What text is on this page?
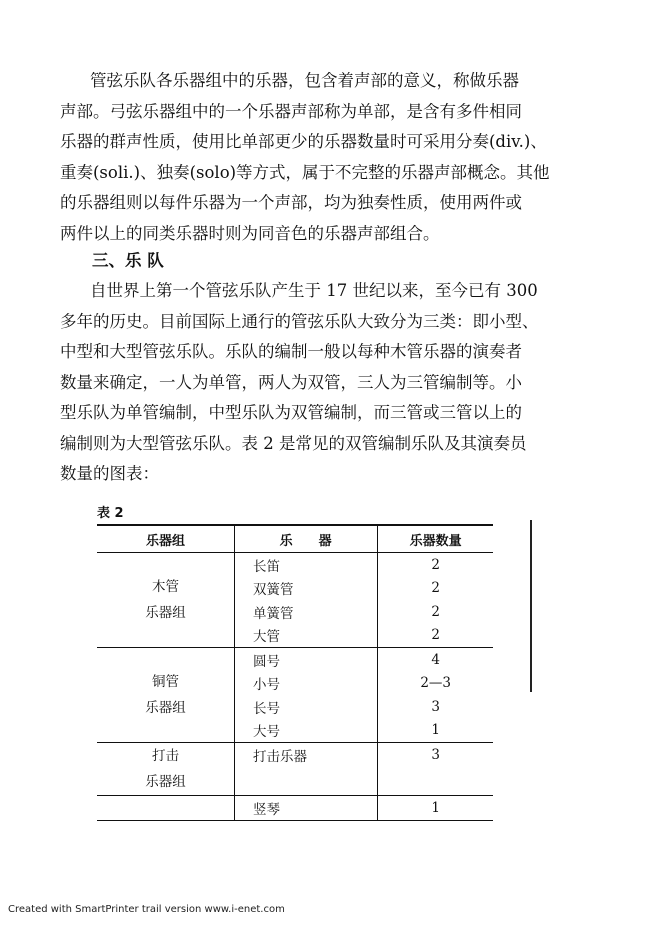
管弦乐队各乐器组中的乐器，包含着声部的意义，称做乐器
声部。弓弦乐器组中的一个乐器声部称为单部，是含有多件相同
乐器的群声性质，使用比单部更少的乐器数量时可采用分奏(div.)、
重奏(soli.)、独奏(solo)等方式，属于不完整的乐器声部概念。其他
的乐器组则以每件乐器为一个声部，均为独奏性质，使用两件或
两件以上的同类乐器时则为同音色的乐器声部组合。
三、乐 队
自世界上第一个管弦乐队产生于 17 世纪以来，至今已有 300
多年的历史。目前国际上通行的管弦乐队大致分为三类：即小型、
中型和大型管弦乐队。乐队的编制一般以每种木管乐器的演奏者
数量来确定，一人为单管，两人为双管，三人为三管编制等。小
型乐队为单管编制，中型乐队为双管编制，而三管或三管以上的
编制则为大型管弦乐队。表 2 是常见的双管编制乐队及其演奏员
数量的图表：
表 2
乐器组	乐　　器	乐器数量

木管
乐器组	长笛	2
	双簧管	2
	单簧管	2
	大管	2

铜管
乐器组	圆号	4
	小号	2—3
	长号	3
	大号	1

打击
乐器组	打击乐器	3

	竖琴	1
Created with SmartPrinter trail version www.i-enet.com
